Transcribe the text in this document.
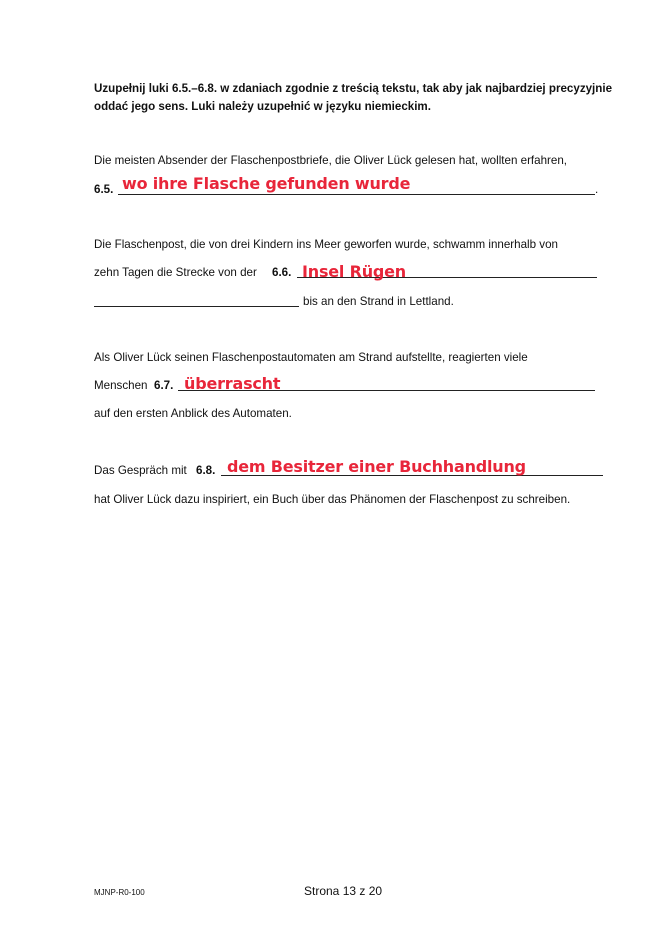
Uzupełnij luki 6.5.–6.8. w zdaniach zgodnie z treścią tekstu, tak aby jak najbardziej precyzyjnie oddać jego sens. Luki należy uzupełnić w języku niemieckim.
Die meisten Absender der Flaschenpostbriefe, die Oliver Lück gelesen hat, wollten erfahren,
6.5. wo ihre Flasche gefunden wurde	.
Die Flaschenpost, die von drei Kindern ins Meer geworfen wurde, schwamm innerhalb von
zehn Tagen die Strecke von der 6.6. Insel Rügen
bis an den Strand in Lettland.
Als Oliver Lück seinen Flaschenpostautomaten am Strand aufstellte, reagierten viele
Menschen 6.7. überrascht
auf den ersten Anblick des Automaten.
Das Gespräch mit 6.8. dem Besitzer einer Buchhandlung
hat Oliver Lück dazu inspiriert, ein Buch über das Phänomen der Flaschenpost zu schreiben.
MJNP-R0-100	Strona 13 z 20
